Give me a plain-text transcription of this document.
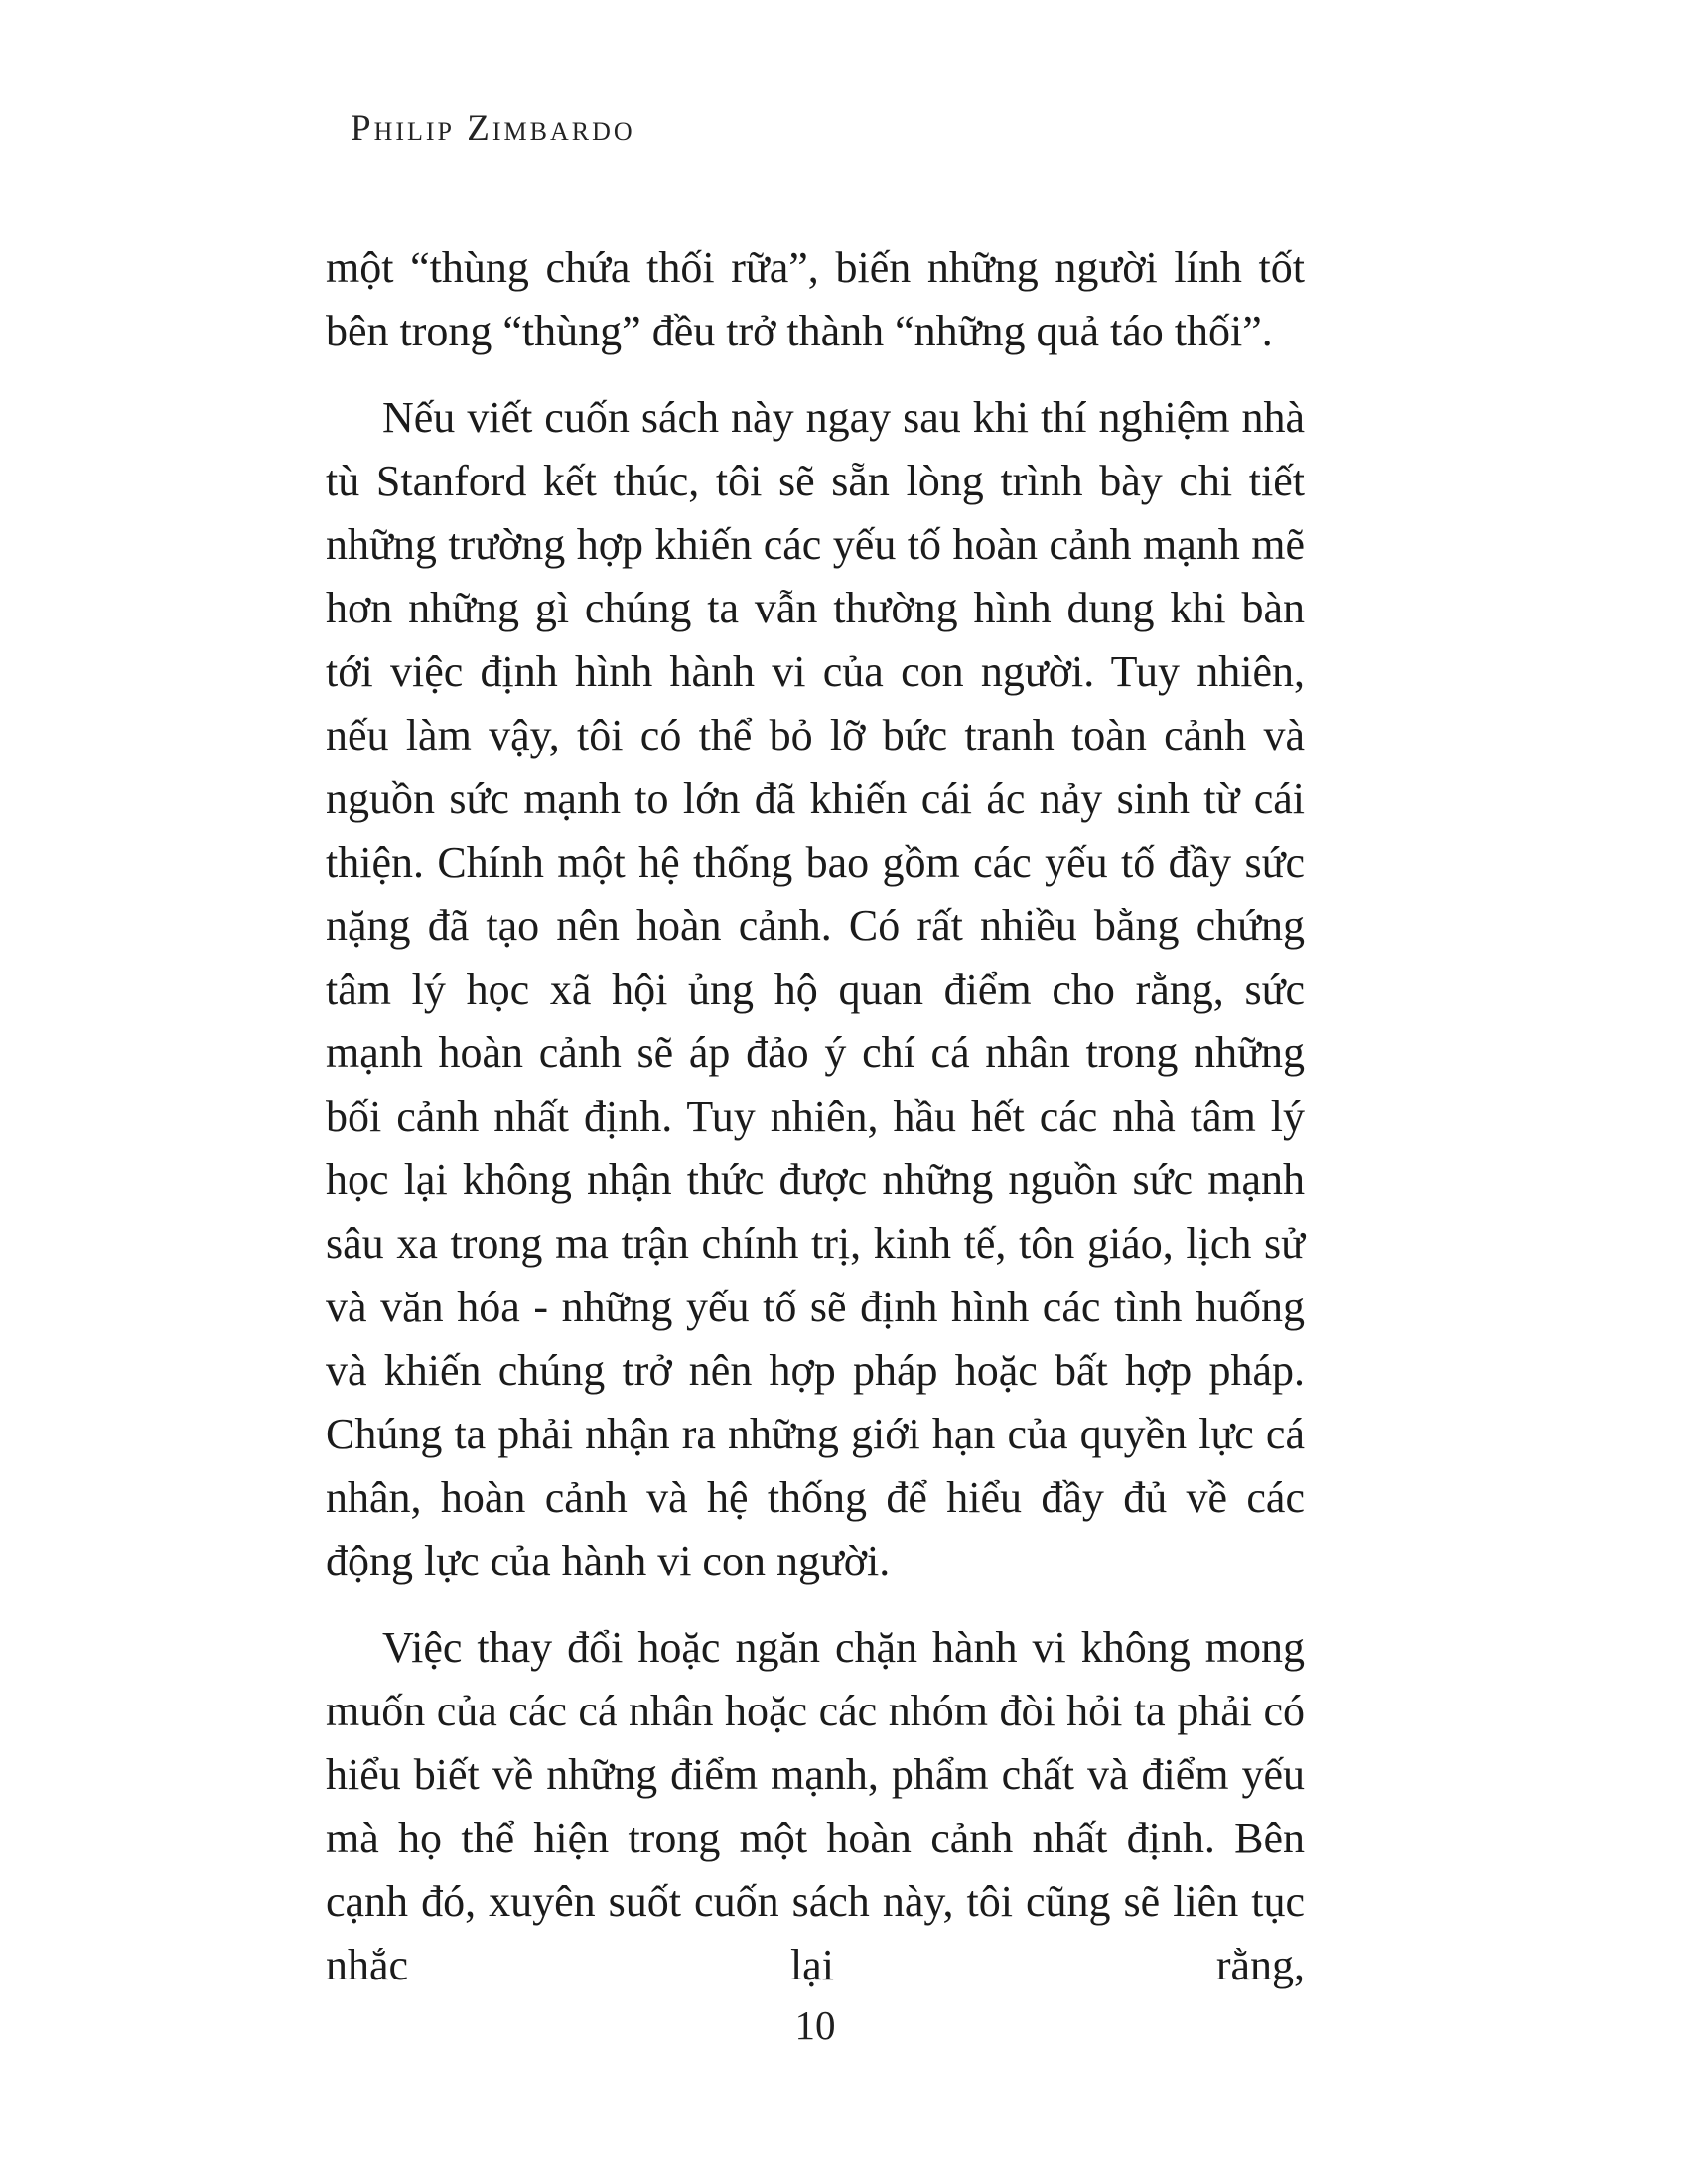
Philip Zimbardo

một “thùng chứa thối rữa”, biến những người lính tốt bên trong “thùng” đều trở thành “những quả táo thối”.

Nếu viết cuốn sách này ngay sau khi thí nghiệm nhà tù Stanford kết thúc, tôi sẽ sẵn lòng trình bày chi tiết những trường hợp khiến các yếu tố hoàn cảnh mạnh mẽ hơn những gì chúng ta vẫn thường hình dung khi bàn tới việc định hình hành vi của con người. Tuy nhiên, nếu làm vậy, tôi có thể bỏ lỡ bức tranh toàn cảnh và nguồn sức mạnh to lớn đã khiến cái ác nảy sinh từ cái thiện. Chính một hệ thống bao gồm các yếu tố đầy sức nặng đã tạo nên hoàn cảnh. Có rất nhiều bằng chứng tâm lý học xã hội ủng hộ quan điểm cho rằng, sức mạnh hoàn cảnh sẽ áp đảo ý chí cá nhân trong những bối cảnh nhất định. Tuy nhiên, hầu hết các nhà tâm lý học lại không nhận thức được những nguồn sức mạnh sâu xa trong ma trận chính trị, kinh tế, tôn giáo, lịch sử và văn hóa - những yếu tố sẽ định hình các tình huống và khiến chúng trở nên hợp pháp hoặc bất hợp pháp. Chúng ta phải nhận ra những giới hạn của quyền lực cá nhân, hoàn cảnh và hệ thống để hiểu đầy đủ về các động lực của hành vi con người.

Việc thay đổi hoặc ngăn chặn hành vi không mong muốn của các cá nhân hoặc các nhóm đòi hỏi ta phải có hiểu biết về những điểm mạnh, phẩm chất và điểm yếu mà họ thể hiện trong một hoàn cảnh nhất định. Bên cạnh đó, xuyên suốt cuốn sách này, tôi cũng sẽ liên tục nhắc lại rằng,

10
